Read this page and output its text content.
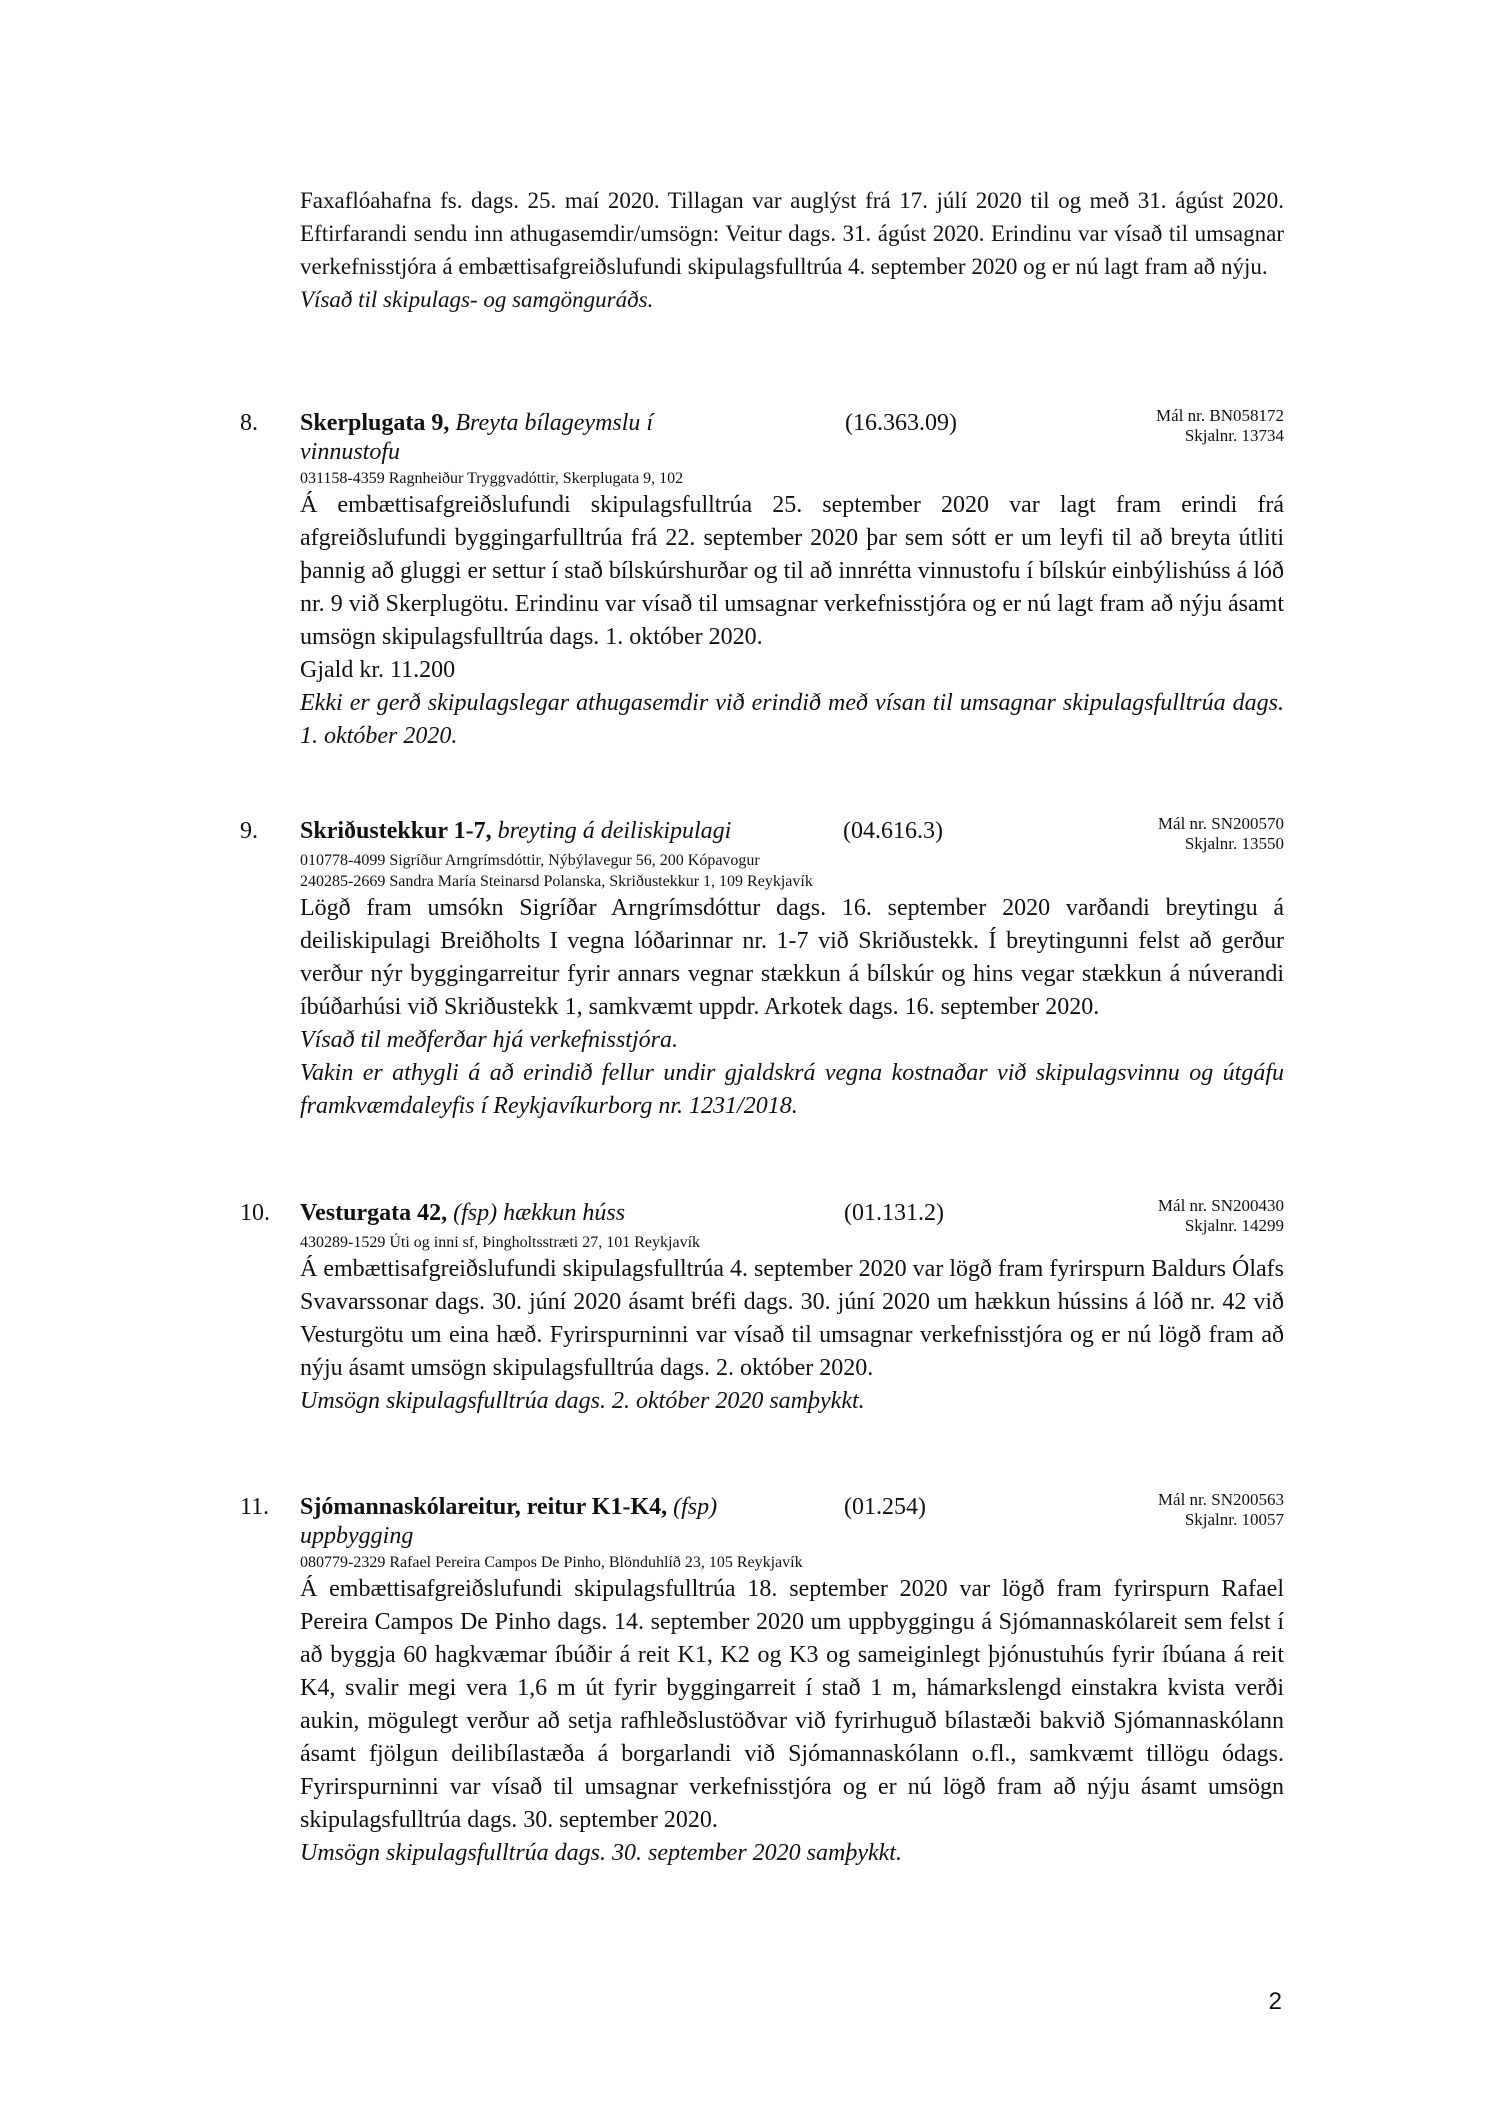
Faxaflóahafna fs. dags. 25. maí 2020. Tillagan var auglýst frá 17. júlí 2020 til og með 31. ágúst 2020. Eftirfarandi sendu inn athugasemdir/umsögn: Veitur dags. 31. ágúst 2020. Erindinu var vísað til umsagnar verkefnisstjóra á embættisafgreiðslufundi skipulagsfulltrúa 4. september 2020 og er nú lagt fram að nýju.

Vísað til skipulags- og samgönguráðs.

8.	Skerplugata 9, Breyta bílageymslu í	(16.363.09)	Mál nr. BN058172
Skjalnr. 13734
vinnustofu
031158-4359 Ragnheiður Tryggvadóttir, Skerplugata 9, 102

Á embættisafgreiðslufundi skipulagsfulltrúa 25. september 2020 var lagt fram erindi frá afgreiðslufundi byggingarfulltrúa frá 22. september 2020 þar sem sótt er um leyfi til að breyta útliti þannig að gluggi er settur í stað bílskúrshurðar og til að innrétta vinnustofu í bílskúr einbýlishúss á lóð nr. 9 við Skerplugötu. Erindinu var vísað til umsagnar verkefnisstjóra og er nú lagt fram að nýju ásamt umsögn skipulagsfulltrúa dags. 1. október 2020.

Gjald kr. 11.200

Ekki er gerð skipulagslegar athugasemdir við erindið með vísan til umsagnar skipulagsfulltrúa dags. 1. október 2020.

9.	Skriðustekkur 1-7, breyting á deiliskipulagi	(04.616.3)	Mál nr. SN200570
Skjalnr. 13550
010778-4099 Sigríður Arngrímsdóttir, Nýbýlavegur 56, 200 Kópavogur
240285-2669 Sandra María Steinarsd Polanska, Skriðustekkur 1, 109 Reykjavík

Lögð fram umsókn Sigríðar Arngrímsdóttur dags. 16. september 2020 varðandi breytingu á deiliskipulagi Breiðholts I vegna lóðarinnar nr. 1-7 við Skriðustekk. Í breytingunni felst að gerður verður nýr byggingarreitur fyrir annars vegnar stækkun á bílskúr og hins vegar stækkun á núverandi íbúðarhúsi við Skriðustekk 1, samkvæmt uppdr. Arkotek dags. 16. september 2020.

Vísað til meðferðar hjá verkefnisstjóra.

Vakin er athygli á að erindið fellur undir gjaldskrá vegna kostnaðar við skipulagsvinnu og útgáfu framkvæmdaleyfis í Reykjavíkurborg nr. 1231/2018.

10.	Vesturgata 42, (fsp) hækkun húss	(01.131.2)	Mál nr. SN200430
Skjalnr. 14299
430289-1529 Úti og inni sf, Þingholtsstræti 27, 101 Reykjavík

Á embættisafgreiðslufundi skipulagsfulltrúa 4. september 2020 var lögð fram fyrirspurn Baldurs Ólafs Svavarssonar dags. 30. júní 2020 ásamt bréfi dags. 30. júní 2020 um hækkun hússins á lóð nr. 42 við Vesturgötu um eina hæð. Fyrirspurninni var vísað til umsagnar verkefnisstjóra og er nú lögð fram að nýju ásamt umsögn skipulagsfulltrúa dags. 2. október 2020.

Umsögn skipulagsfulltrúa dags. 2. október 2020 samþykkt.

11.	Sjómannaskólareitur, reitur K1-K4, (fsp)	(01.254)	Mál nr. SN200563
Skjalnr. 10057
uppbygging
080779-2329 Rafael Pereira Campos De Pinho, Blönduhlíð 23, 105 Reykjavík

Á embættisafgreiðslufundi skipulagsfulltrúa 18. september 2020 var lögð fram fyrirspurn Rafael Pereira Campos De Pinho dags. 14. september 2020 um uppbyggingu á Sjómannaskólareit sem felst í að byggja 60 hagkvæmar íbúðir á reit K1, K2 og K3 og sameiginlegt þjónustuhús fyrir íbúana á reit K4, svalir megi vera 1,6 m út fyrir byggingarreit í stað 1 m, hámarkslengd einstakra kvista verði aukin, mögulegt verður að setja rafhleðslustöðvar við fyrirhuguð bílastæði bakvið Sjómannaskólann ásamt fjölgun deilibílastæða á borgarlandi við Sjómannaskólann o.fl., samkvæmt tillögu ódags. Fyrirspurninni var vísað til umsagnar verkefnisstjóra og er nú lögð fram að nýju ásamt umsögn skipulagsfulltrúa dags. 30. september 2020.

Umsögn skipulagsfulltrúa dags. 30. september 2020 samþykkt.

2
